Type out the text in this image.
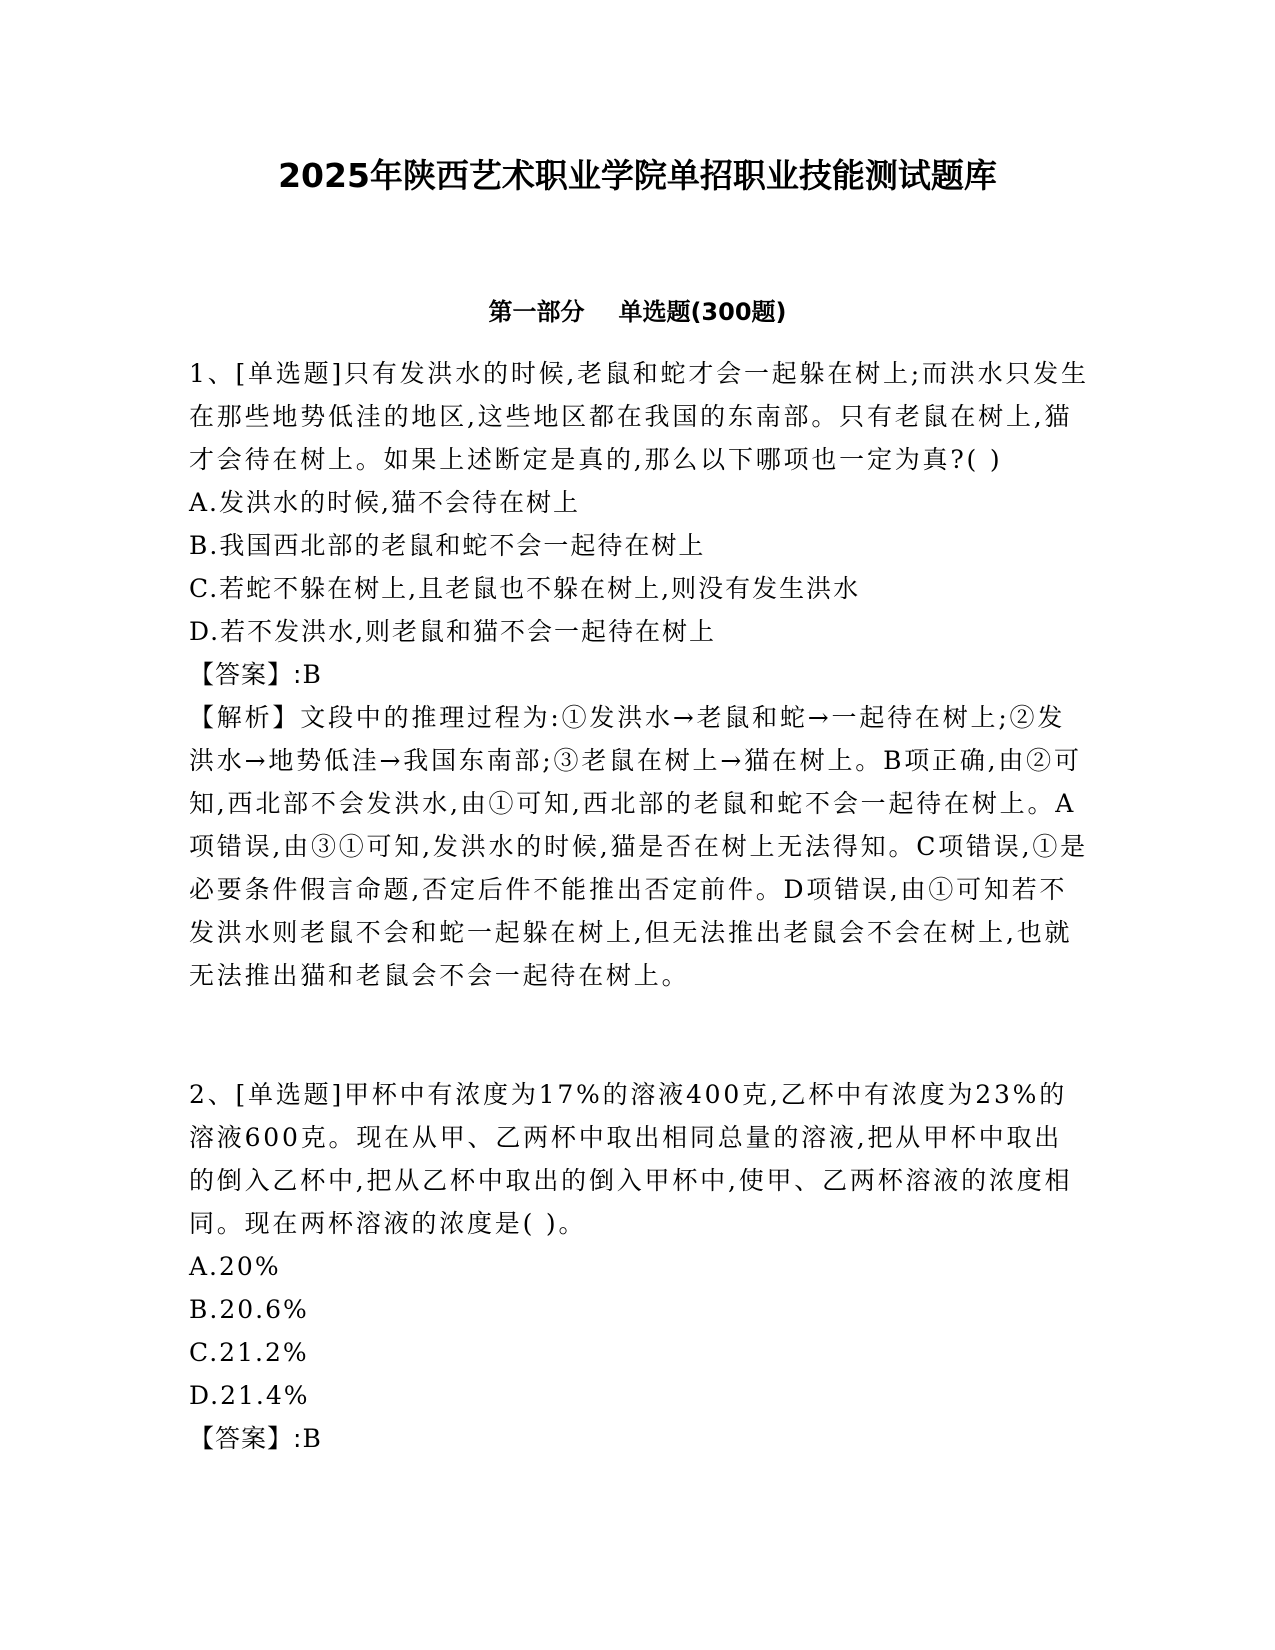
2025年陕西艺术职业学院单招职业技能测试题库
第一部分 单选题(300题)

1、[单选题]只有发洪水的时候,老鼠和蛇才会一起躲在树上;而洪水只发生在那些地势低洼的地区,这些地区都在我国的东南部。只有老鼠在树上,猫才会待在树上。如果上述断定是真的,那么以下哪项也一定为真?( )

A.发洪水的时候,猫不会待在树上

B.我国西北部的老鼠和蛇不会一起待在树上

C.若蛇不躲在树上,且老鼠也不躲在树上,则没有发生洪水

D.若不发洪水,则老鼠和猫不会一起待在树上

【答案】:B

【解析】文段中的推理过程为:①发洪水→老鼠和蛇→一起待在树上;②发洪水→地势低洼→我国东南部;③老鼠在树上→猫在树上。B项正确,由②可知,西北部不会发洪水,由①可知,西北部的老鼠和蛇不会一起待在树上。A项错误,由③①可知,发洪水的时候,猫是否在树上无法得知。C项错误,①是必要条件假言命题,否定后件不能推出否定前件。D项错误,由①可知若不发洪水则老鼠不会和蛇一起躲在树上,但无法推出老鼠会不会在树上,也就无法推出猫和老鼠会不会一起待在树上。

2、[单选题]甲杯中有浓度为17%的溶液400克,乙杯中有浓度为23%的溶液600克。现在从甲、乙两杯中取出相同总量的溶液,把从甲杯中取出的倒入乙杯中,把从乙杯中取出的倒入甲杯中,使甲、乙两杯溶液的浓度相同。现在两杯溶液的浓度是( )。

A.20%

B.20.6%

C.21.2%

D.21.4%

【答案】:B
